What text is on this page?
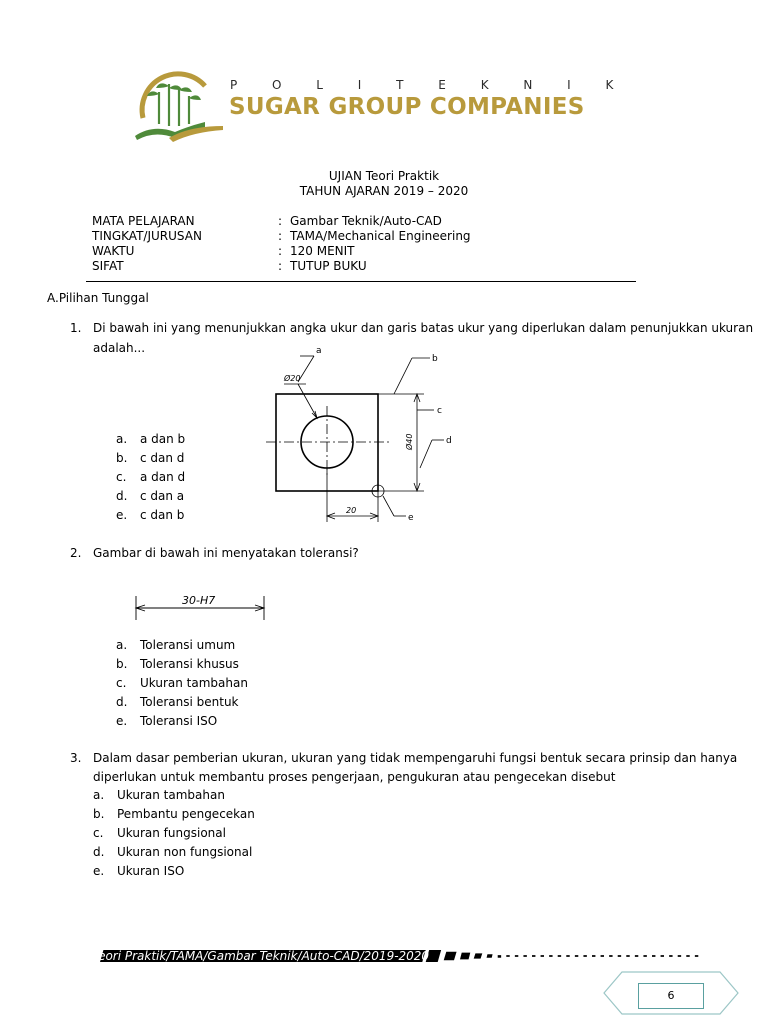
P O L I T E K N I K
SUGAR GROUP COMPANIES
UJIAN Teori Praktik
TAHUN AJARAN 2019 – 2020
MATA PELAJARAN	: Gambar Teknik/Auto-CAD
TINGKAT/JURUSAN	: TAMA/Mechanical Engineering
WAKTU	: 120 MENIT
SIFAT	: TUTUP BUKU
A.Pilihan Tunggal
1. Di bawah ini yang menunjukkan angka ukur dan garis batas ukur yang diperlukan dalam penunjukkan ukuran
adalah...	a
b
c
d
e
Ø20
Ø40
20
a. a dan b
b. c dan d
c. a dan d
d. c dan a
e. c dan b
2. Gambar di bawah ini menyatakan toleransi?
30-H7
a. Toleransi umum
b. Toleransi khusus
c. Ukuran tambahan
d. Toleransi bentuk
e. Toleransi ISO
3. Dalam dasar pemberian ukuran, ukuran yang tidak mempengaruhi fungsi bentuk secara prinsip dan hanya
diperlukan untuk membantu proses pengerjaan, pengukuran atau pengecekan disebut
a. Ukuran tambahan
b. Pembantu pengecekan
c. Ukuran fungsional
d. Ukuran non fungsional
e. Ukuran ISO
Ujian Teori Praktik/TAMA/Gambar Teknik/Auto-CAD/2019-2020
6
